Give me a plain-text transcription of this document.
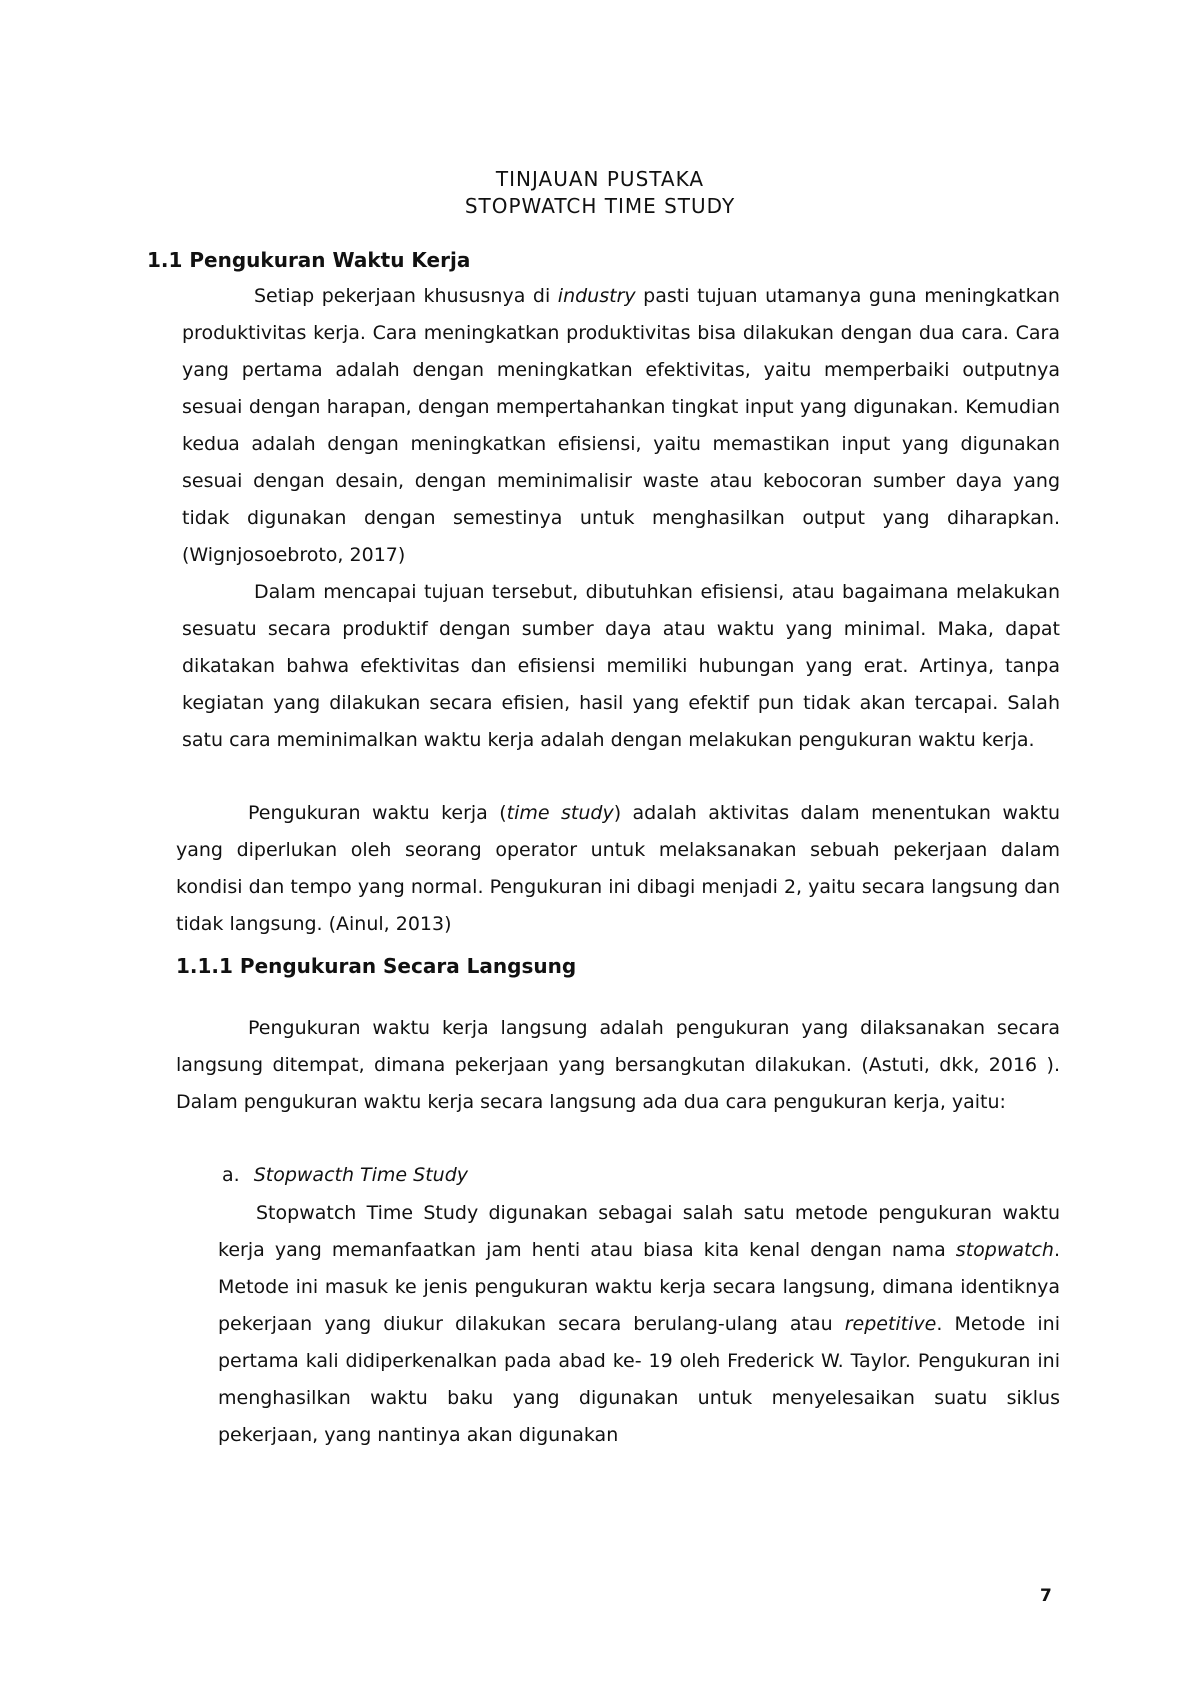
TINJAUAN PUSTAKA
STOPWATCH TIME STUDY
1.1 Pengukuran Waktu Kerja

Setiap pekerjaan khususnya di industry pasti tujuan utamanya guna meningkatkan produktivitas kerja. Cara meningkatkan produktivitas bisa dilakukan dengan dua cara. Cara yang pertama adalah dengan meningkatkan efektivitas, yaitu memperbaiki outputnya sesuai dengan harapan, dengan mempertahankan tingkat input yang digunakan. Kemudian kedua adalah dengan meningkatkan efisiensi, yaitu memastikan input yang digunakan sesuai dengan desain, dengan meminimalisir waste atau kebocoran sumber daya yang tidak digunakan dengan semestinya untuk menghasilkan output yang diharapkan. (Wignjosoebroto, 2017)

Dalam mencapai tujuan tersebut, dibutuhkan efisiensi, atau bagaimana melakukan sesuatu secara produktif dengan sumber daya atau waktu yang minimal. Maka, dapat dikatakan bahwa efektivitas dan efisiensi memiliki hubungan yang erat. Artinya, tanpa kegiatan yang dilakukan secara efisien, hasil yang efektif pun tidak akan tercapai. Salah satu cara meminimalkan waktu kerja adalah dengan melakukan pengukuran waktu kerja.

Pengukuran waktu kerja (time study) adalah aktivitas dalam menentukan waktu yang diperlukan oleh seorang operator untuk melaksanakan sebuah pekerjaan dalam kondisi dan tempo yang normal. Pengukuran ini dibagi menjadi 2, yaitu secara langsung dan tidak langsung. (Ainul, 2013)

1.1.1 Pengukuran Secara Langsung

Pengukuran waktu kerja langsung adalah pengukuran yang dilaksanakan secara langsung ditempat, dimana pekerjaan yang bersangkutan dilakukan. (Astuti, dkk, 2016 ). Dalam pengukuran waktu kerja secara langsung ada dua cara pengukuran kerja, yaitu:

a. Stopwacth Time Study

Stopwatch Time Study digunakan sebagai salah satu metode pengukuran waktu kerja yang memanfaatkan jam henti atau biasa kita kenal dengan nama stopwatch. Metode ini masuk ke jenis pengukuran waktu kerja secara langsung, dimana identiknya pekerjaan yang diukur dilakukan secara berulang-ulang atau repetitive. Metode ini pertama kali didiperkenalkan pada abad ke- 19 oleh Frederick W. Taylor. Pengukuran ini menghasilkan waktu baku yang digunakan untuk menyelesaikan suatu siklus pekerjaan, yang nantinya akan digunakan

7
